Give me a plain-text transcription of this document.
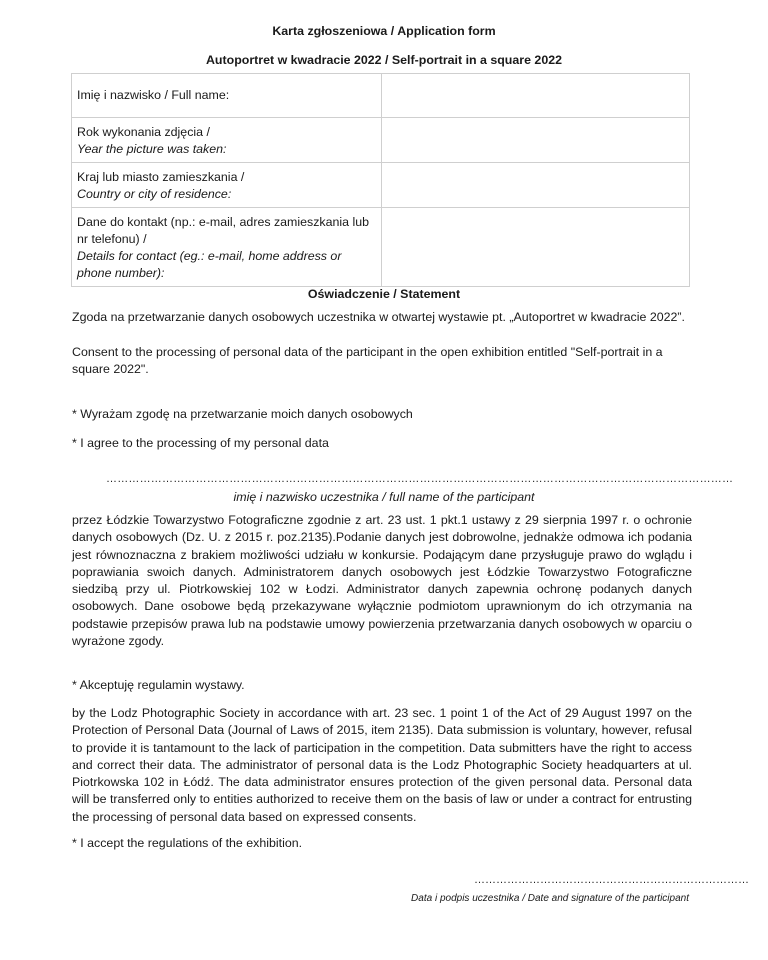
Karta zgłoszeniowa / Application form
Autoportret w kwadracie 2022 / Self-portrait in a square 2022
Imię i nazwisko / Full name:	

Rok wykonania zdjęcia /
Year the picture was taken:	

Kraj lub miasto zamieszkania /
Country or city of residence:	

Dane do kontakt (np.: e-mail, adres zamieszkania lub nr telefonu) /
Details for contact (eg.: e-mail, home address or phone number):	

Oświadczenie / Statement
Zgoda na przetwarzanie danych osobowych uczestnika w otwartej wystawie pt. „Autoportret w kwadracie 2022”.
Consent to the processing of personal data of the participant in the open exhibition entitled "Self-portrait in a square 2022".
* Wyrażam zgodę na przetwarzanie moich danych osobowych
* I agree to the processing of my personal data
……………………………………………………………………………………………………………………………………………………
imię i nazwisko uczestnika / full name of the participant
przez Łódzkie Towarzystwo Fotograficzne zgodnie z art. 23 ust. 1 pkt.1 ustawy z 29 sierpnia 1997 r. o ochronie danych osobowych (Dz. U. z 2015 r. poz.2135).Podanie danych jest dobrowolne, jednakże odmowa ich podania jest równoznaczna z brakiem możliwości udziału w konkursie. Podającym dane przysługuje prawo do wglądu i poprawiania swoich danych. Administratorem danych osobowych jest Łódzkie Towarzystwo Fotograficzne siedzibą przy ul. Piotrkowskiej 102 w Łodzi. Administrator danych zapewnia ochronę podanych danych osobowych. Dane osobowe będą przekazywane wyłącznie podmiotom uprawnionym do ich otrzymania na podstawie przepisów prawa lub na podstawie umowy powierzenia przetwarzania danych osobowych w oparciu o wyrażone zgody.
* Akceptuję regulamin wystawy.
by the Lodz Photographic Society in accordance with art. 23 sec. 1 point 1 of the Act of 29 August 1997 on the Protection of Personal Data (Journal of Laws of 2015, item 2135). Data submission is voluntary, however, refusal to provide it is tantamount to the lack of participation in the competition. Data submitters have the right to access and correct their data. The administrator of personal data is the Lodz Photographic Society headquarters at ul. Piotrkowska 102 in Łódź. The data administrator ensures protection of the given personal data. Personal data will be transferred only to entities authorized to receive them on the basis of law or under a contract for entrusting the processing of personal data based on expressed consents.
* I accept the regulations of the exhibition.
…………………………………………………………………
Data i podpis uczestnika / Date and signature of the participant
